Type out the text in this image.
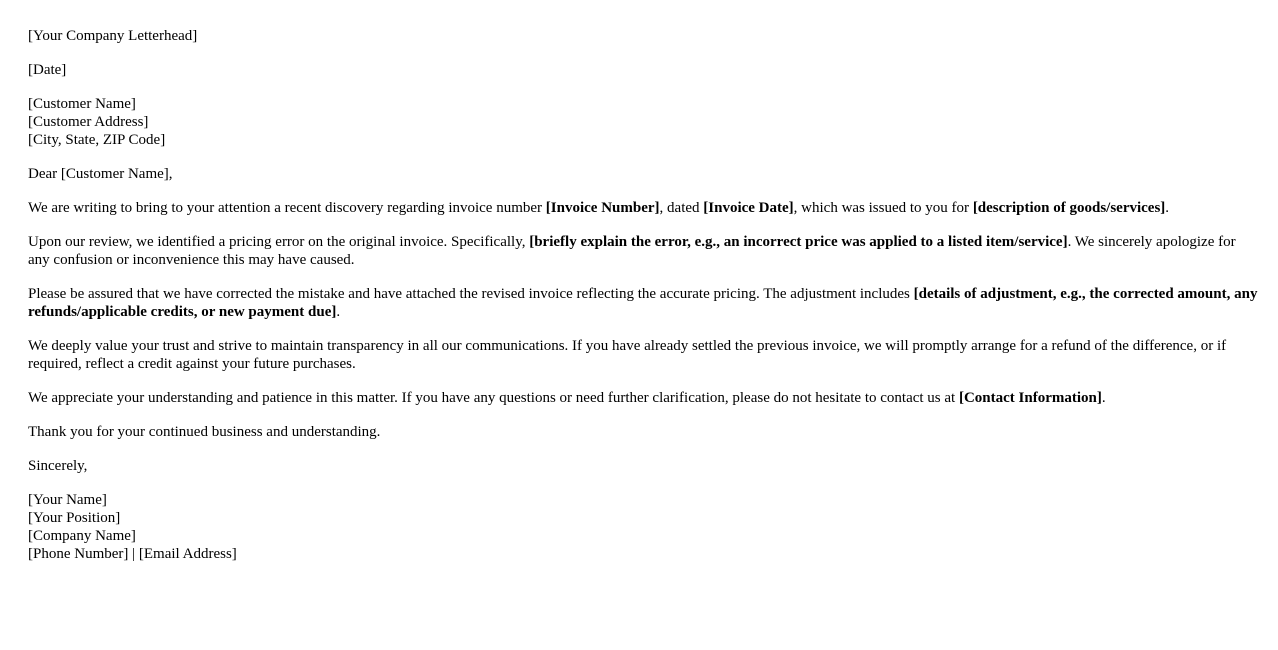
[Your Company Letterhead]

[Date]

[Customer Name]
[Customer Address]
[City, State, ZIP Code]

Dear [Customer Name],

We are writing to bring to your attention a recent discovery regarding invoice number [Invoice Number], dated [Invoice Date], which was issued to you for [description of goods/services].

Upon our review, we identified a pricing error on the original invoice. Specifically, [briefly explain the error, e.g., an incorrect price was applied to a listed item/service]. We sincerely apologize for any confusion or inconvenience this may have caused.

Please be assured that we have corrected the mistake and have attached the revised invoice reflecting the accurate pricing. The adjustment includes [details of adjustment, e.g., the corrected amount, any refunds/applicable credits, or new payment due].

We deeply value your trust and strive to maintain transparency in all our communications. If you have already settled the previous invoice, we will promptly arrange for a refund of the difference, or if required, reflect a credit against your future purchases.

We appreciate your understanding and patience in this matter. If you have any questions or need further clarification, please do not hesitate to contact us at [Contact Information].

Thank you for your continued business and understanding.

Sincerely,

[Your Name]
[Your Position]
[Company Name]
[Phone Number] | [Email Address]
